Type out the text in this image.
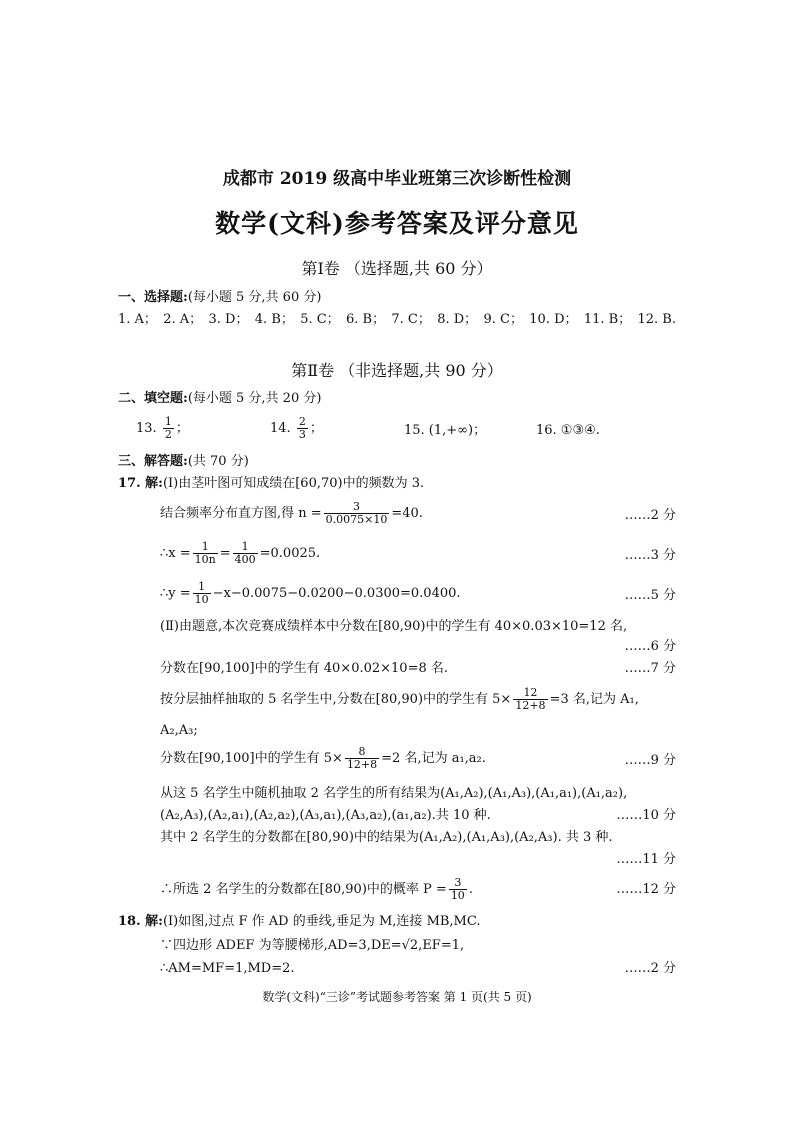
成都市 2019 级高中毕业班第三次诊断性检测
数学(文科)参考答案及评分意见
第Ⅰ卷 （选择题,共 60 分）
一、选择题:(每小题 5 分,共 60 分)
1. A； 2. A； 3. D； 4. B； 5. C； 6. B； 7. C； 8. D； 9. C； 10. D； 11. B； 12. B.
第Ⅱ卷 （非选择题,共 90 分）
二、填空题:(每小题 5 分,共 20 分)
13. $\frac{1}{2}$ ；	14. $\frac{2}{3}$ ；	15. (1,+∞)；	16. ①③④.
三、解答题:(共 70 分)
17. 解:(Ⅰ)由茎叶图可知成绩在[60,70)中的频数为 3.
结合频率分布直方图,得 $n = \frac{3}{0.0075\times 10} =40$.	……2 分
∴x = $\frac{1}{10n} = \frac{1}{400} =0.0025$.	……3 分
∴y = $\frac{1}{10} -x-0.0075-0.0200-0.0300=0.0400$.	……5 分
(Ⅱ)由题意,本次竞赛成绩样本中分数在[80,90)中的学生有 40×0.03×10=12 名,
……6 分
分数在[90,100]中的学生有 40×0.02×10=8 名.	……7 分
按分层抽样抽取的 5 名学生中,分数在[80,90)中的学生有 $5\times \frac{12}{12+8} =3$ 名,记为 A₁,
A₂,A₃;
分数在[90,100]中的学生有 $5\times \frac{8}{12+8} =2$ 名,记为 a₁,a₂.	……9 分
从这 5 名学生中随机抽取 2 名学生的所有结果为(A₁,A₂),(A₁,A₃),(A₁,a₁),(A₁,a₂),
(A₂,A₃),(A₂,a₁),(A₂,a₂),(A₃,a₁),(A₃,a₂),(a₁,a₂).共 10 种.	……10 分
其中 2 名学生的分数都在[80,90)中的结果为(A₁,A₂),(A₁,A₃),(A₂,A₃). 共 3 种.
……11 分
∴所选 2 名学生的分数都在[80,90)中的概率 $P = \frac{3}{10}$ .	……12 分
18. 解:(Ⅰ)如图,过点 F 作 AD 的垂线,垂足为 M,连接 MB,MC.
∵四边形 ADEF 为等腰梯形,AD=3,DE=√2,EF=1,
∴AM=MF=1,MD=2.	……2 分
数学(文科)“三诊”考试题参考答案 第 1 页(共 5 页)
